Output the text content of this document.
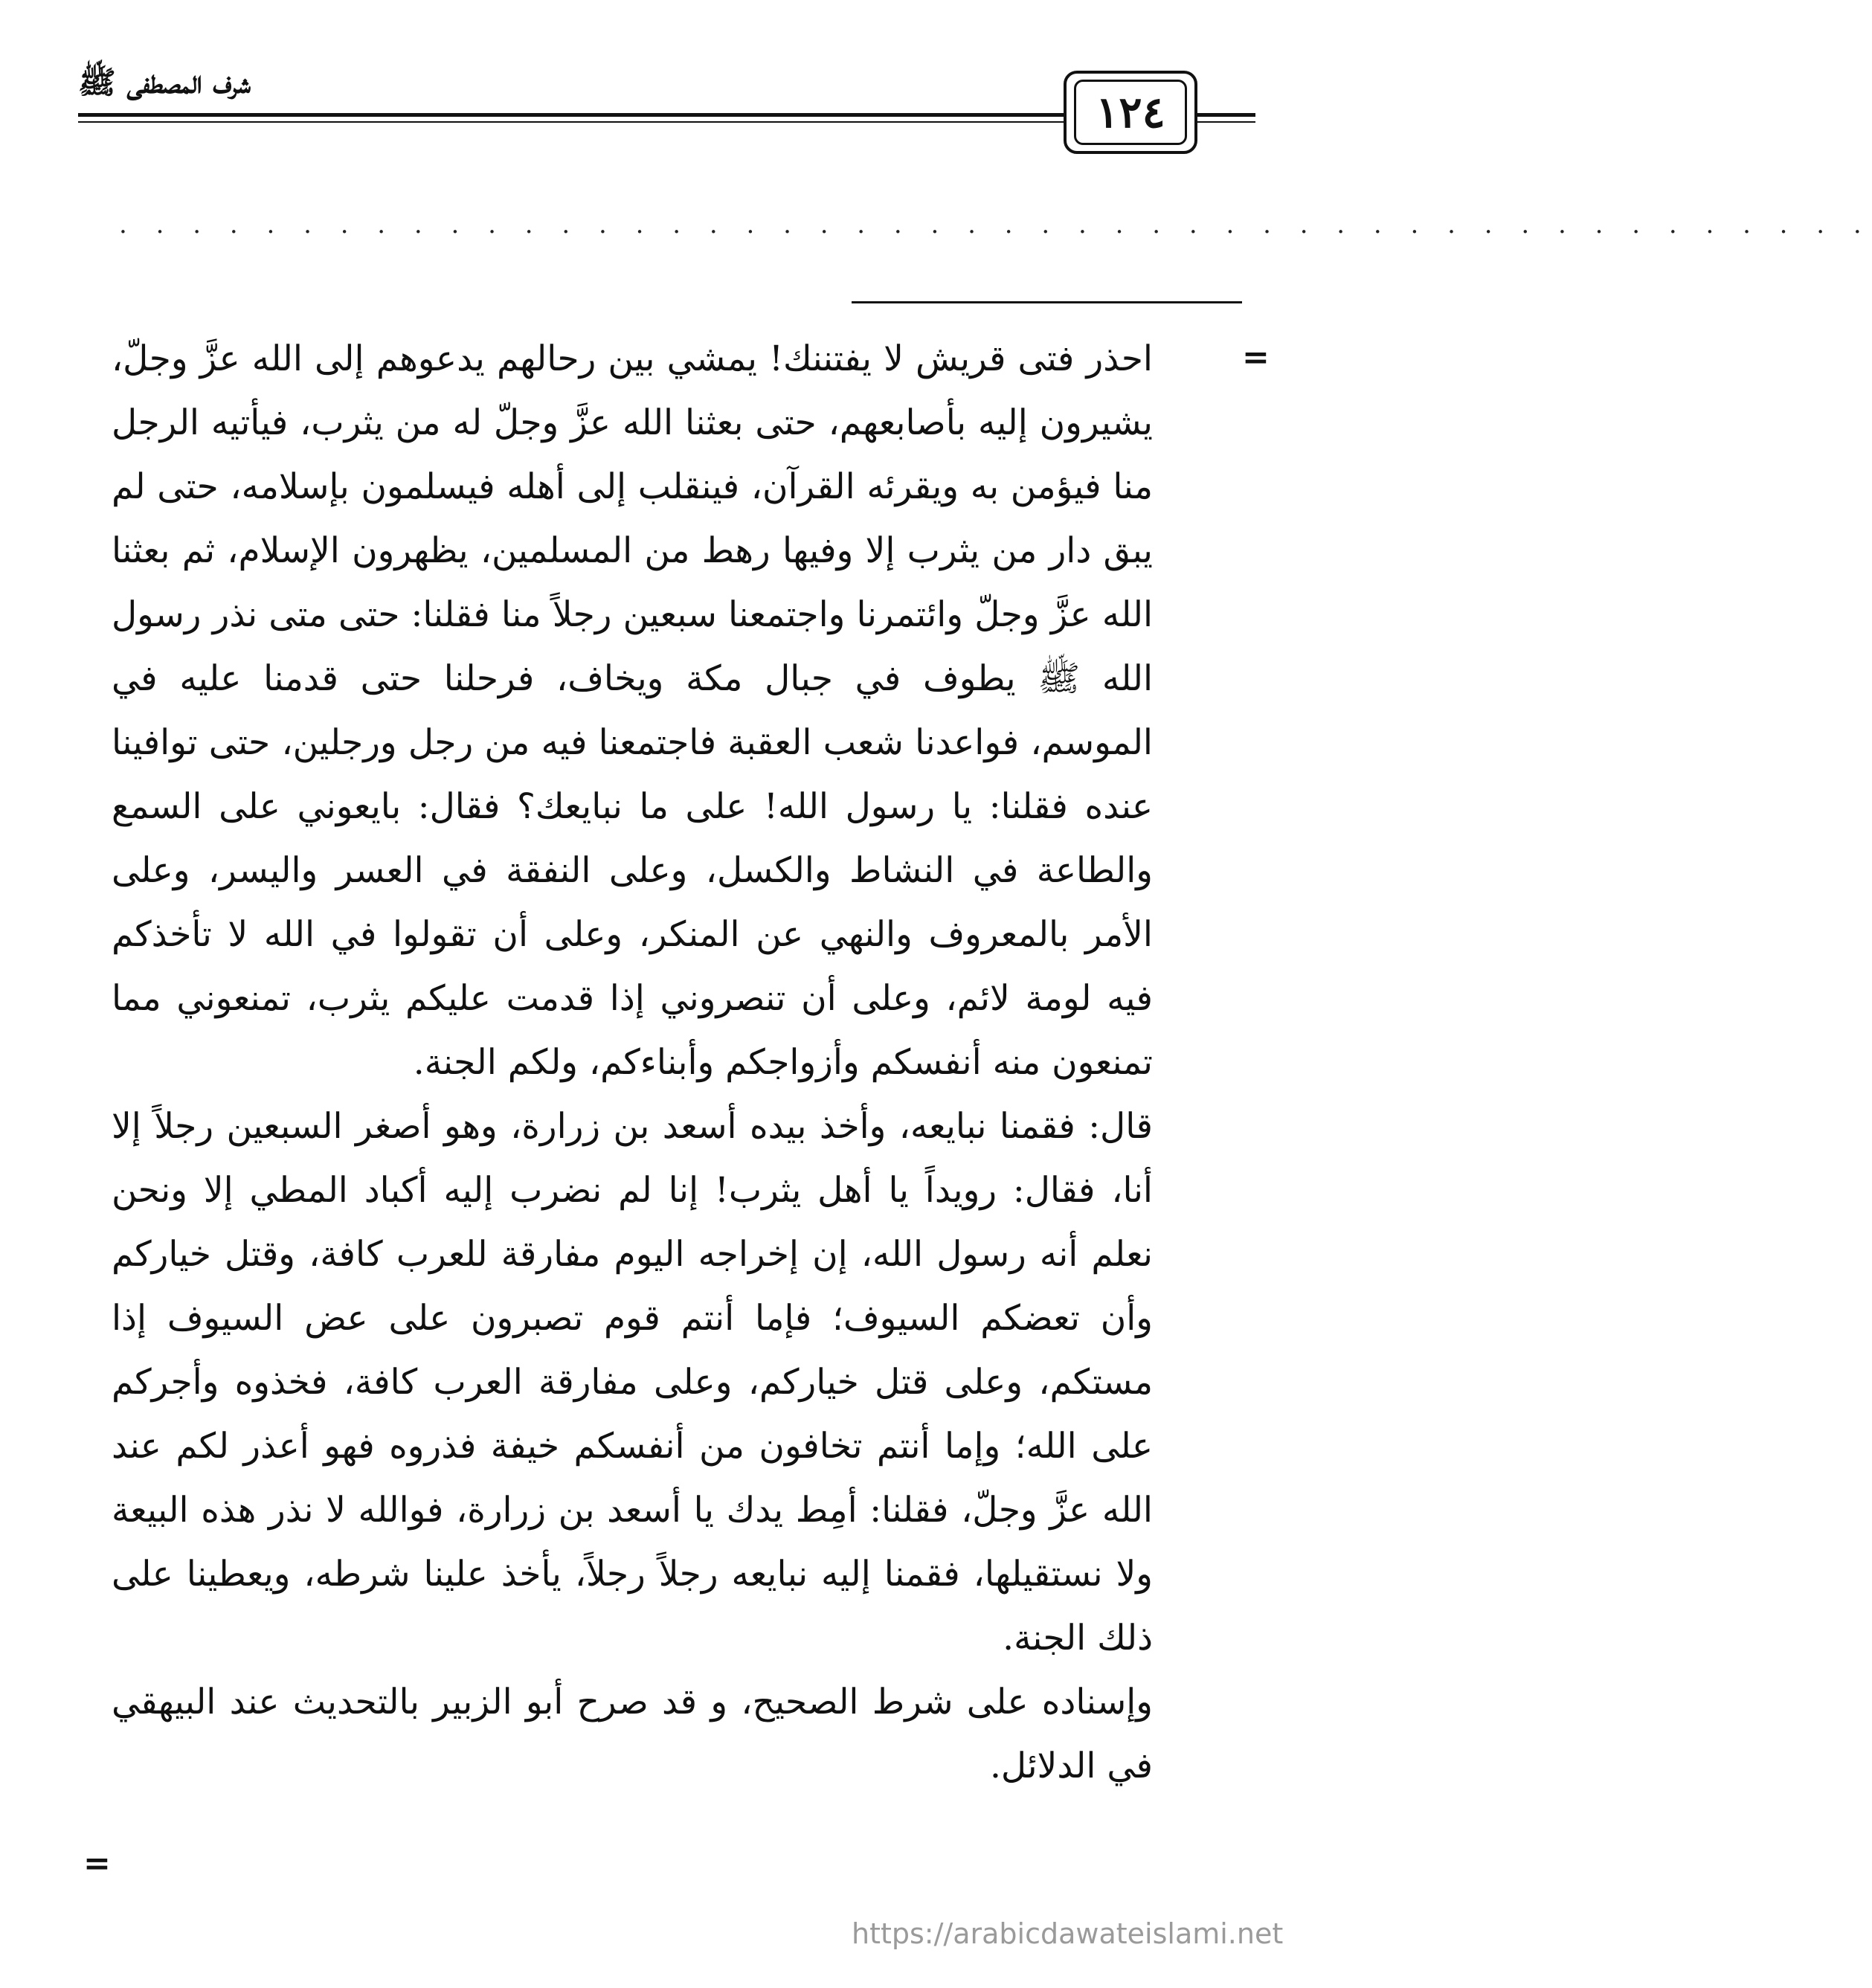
شرف المصطفى ﷺ
١٢٤
. . . . . . . . . . . . . . . . . . . . . . . . . . . . . . . . . . . . . . . . . . . . . . . .
=

احذر فتى قريش لا يفتننك! يمشي بين رحالهم يدعوهم إلى الله عزَّ وجلّ، يشيرون إليه بأصابعهم، حتى بعثنا الله عزَّ وجلّ له من يثرب، فيأتيه الرجل منا فيؤمن به ويقرئه القرآن، فينقلب إلى أهله فيسلمون بإسلامه، حتى لم يبق دار من يثرب إلا وفيها رهط من المسلمين، يظهرون الإسلام، ثم بعثنا الله عزَّ وجلّ وائتمرنا واجتمعنا سبعين رجلاً منا فقلنا: حتى متى نذر رسول الله ﷺ يطوف في جبال مكة ويخاف، فرحلنا حتى قدمنا عليه في الموسم، فواعدنا شعب العقبة فاجتمعنا فيه من رجل ورجلين، حتى توافينا عنده فقلنا: يا رسول الله! على ما نبايعك؟ فقال: بايعوني على السمع والطاعة في النشاط والكسل، وعلى النفقة في العسر واليسر، وعلى الأمر بالمعروف والنهي عن المنكر، وعلى أن تقولوا في الله لا تأخذكم فيه لومة لائم، وعلى أن تنصروني إذا قدمت عليكم يثرب، تمنعوني مما تمنعون منه أنفسكم وأزواجكم وأبناءكم، ولكم الجنة.

قال: فقمنا نبايعه، وأخذ بيده أسعد بن زرارة، وهو أصغر السبعين رجلاً إلا أنا، فقال: رويداً يا أهل يثرب! إنا لم نضرب إليه أكباد المطي إلا ونحن نعلم أنه رسول الله، إن إخراجه اليوم مفارقة للعرب كافة، وقتل خياركم وأن تعضكم السيوف؛ فإما أنتم قوم تصبرون على عض السيوف إذا مستكم، وعلى قتل خياركم، وعلى مفارقة العرب كافة، فخذوه وأجركم على الله؛ وإما أنتم تخافون من أنفسكم خيفة فذروه فهو أعذر لكم عند الله عزَّ وجلّ، فقلنا: أمِط يدك يا أسعد بن زرارة، فوالله لا نذر هذه البيعة ولا نستقيلها، فقمنا إليه نبايعه رجلاً رجلاً، يأخذ علينا شرطه، ويعطينا على ذلك الجنة.

وإسناده على شرط الصحيح، و قد صرح أبو الزبير بالتحديث عند البيهقي في الدلائل.

=
https://arabicdawateislami.net
